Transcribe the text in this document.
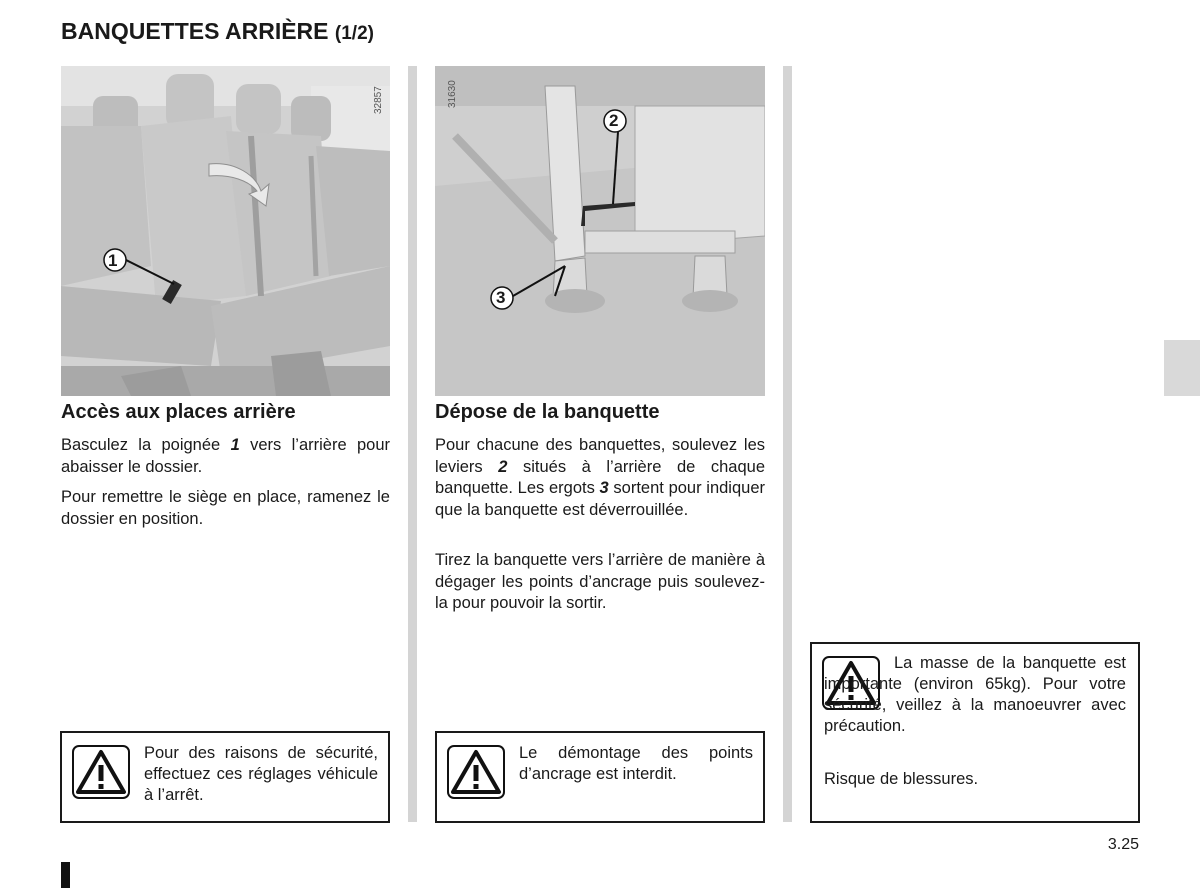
BANQUETTES ARRIÈRE (1/2)
1
32857
2
3
31630
Accès aux places arrière

Basculez la poignée 1 vers l’arrière pour abaisser le dossier.

Pour remettre le siège en place, ramenez le dossier en position.

Dépose de la banquette

Pour chacune des banquettes, soulevez les leviers 2 situés à l’arrière de chaque banquette. Les ergots 3 sortent pour indiquer que la banquette est déverrouillée.

Tirez la banquette vers l’arrière de manière à dégager les points d’ancrage puis soulevez-la pour pouvoir la sortir.

Pour des raisons de sécurité, effectuez ces réglages véhicule à l’arrêt.

Le démontage des points d’ancrage est interdit.

La masse de la banquette est importante (environ 65kg). Pour votre sécurité, veillez à la manoeuvrer avec précaution.

Risque de blessures.

3.25
